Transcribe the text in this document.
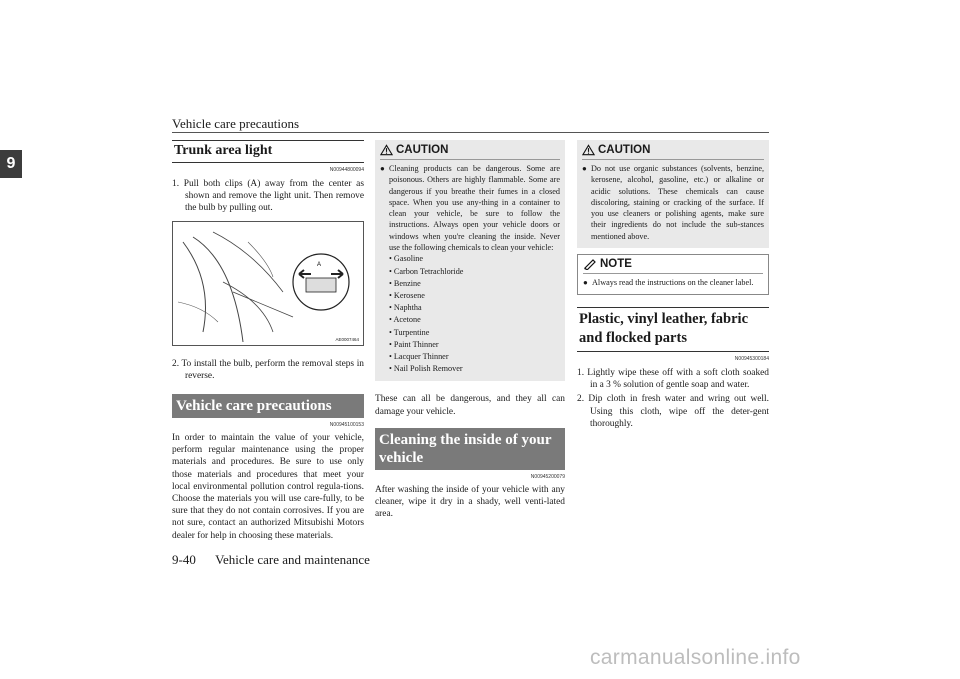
Vehicle care precautions
9
Trunk area light
N00944800094
1. Pull both clips (A) away from the center as shown and remove the light unit. Then remove the bulb by pulling out.
A
AE0007464
2. To install the bulb, perform the removal steps in reverse.
Vehicle care precautions
N00945100153
In order to maintain the value of your vehicle, perform regular maintenance using the proper materials and procedures. Be sure to use only those materials and procedures that meet your local environmental pollution control regula-tions. Choose the materials you will use care-fully, to be sure that they do not contain corrosives. If you are not sure, contact an authorized Mitsubishi Motors dealer for help in choosing these materials.
CAUTION
● Cleaning products can be dangerous. Some are poisonous. Others are highly flammable. Some are dangerous if you breathe their fumes in a closed space. When you use any-thing in a container to clean your vehicle, be sure to follow the instructions. Always open your vehicle doors or windows when you're cleaning the inside. Never use the following chemicals to clean your vehicle:
• Gasoline
• Carbon Tetrachloride
• Benzine
• Kerosene
• Naphtha
• Acetone
• Turpentine
• Paint Thinner
• Lacquer Thinner
• Nail Polish Remover
These can all be dangerous, and they all can damage your vehicle.
Cleaning the inside of your vehicle
N00945200079
After washing the inside of your vehicle with any cleaner, wipe it dry in a shady, well venti-lated area.
CAUTION
● Do not use organic substances (solvents, benzine, kerosene, alcohol, gasoline, etc.) or alkaline or acidic solutions. These chemicals can cause discoloring, staining or cracking of the surface. If you use cleaners or polishing agents, make sure their ingredients do not include the sub-stances mentioned above.
NOTE
● Always read the instructions on the cleaner label.
Plastic, vinyl leather, fabric and flocked parts
N00945300184
1. Lightly wipe these off with a soft cloth soaked in a 3 % solution of gentle soap and water.
2. Dip cloth in fresh water and wring out well. Using this cloth, wipe off the deter-gent thoroughly.
9-40      Vehicle care and maintenance
carmanualsonline.info
